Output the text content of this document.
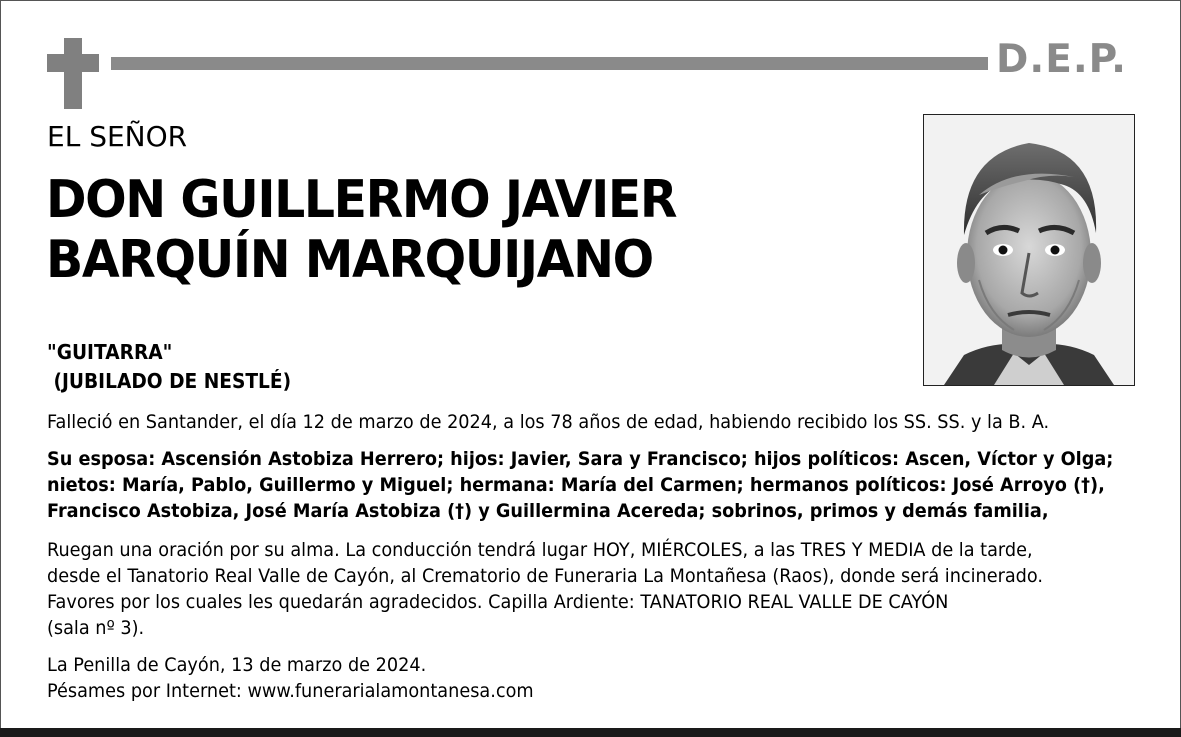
D.E.P.
EL SEÑOR
DON GUILLERMO JAVIER
BARQUÍN MARQUIJANO
"GUITARRA"
(JUBILADO DE NESTLÉ)
Falleció en Santander, el día 12 de marzo de 2024, a los 78 años de edad, habiendo recibido los SS. SS. y la B. A.
Su esposa: Ascensión Astobiza Herrero; hijos: Javier, Sara y Francisco; hijos políticos: Ascen, Víctor y Olga;
nietos: María, Pablo, Guillermo y Miguel; hermana: María del Carmen; hermanos políticos: José Arroyo (†),
Francisco Astobiza, José María Astobiza (†) y Guillermina Acereda; sobrinos, primos y demás familia,
Ruegan una oración por su alma. La conducción tendrá lugar HOY, MIÉRCOLES, a las TRES Y MEDIA de la tarde,
desde el Tanatorio Real Valle de Cayón, al Crematorio de Funeraria La Montañesa (Raos), donde será incinerado.
Favores por los cuales les quedarán agradecidos. Capilla Ardiente: TANATORIO REAL VALLE DE CAYÓN
(sala nº 3).
La Penilla de Cayón, 13 de marzo de 2024.
Pésames por Internet: www.funerarialamontanesa.com
